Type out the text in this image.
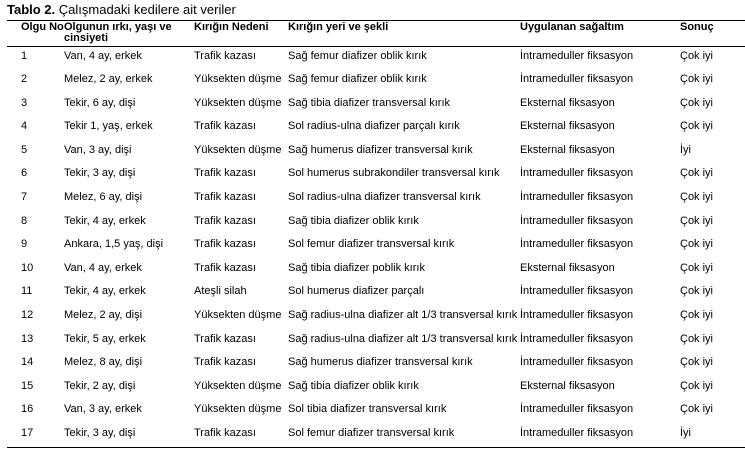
Tablo 2. Çalışmadaki kedilere ait veriler
Olgu No	Olgunun ırkı, yaşı ve cinsiyeti	Kırığın Nedeni	Kırığın yeri ve şekli	Uygulanan sağaltım	Sonuç
1	Van, 4 ay, erkek	Trafik kazası	Sağ femur diafizer oblik kırık	İntrameduller fiksasyon	Çok iyi
2	Melez, 2 ay, erkek	Yüksekten düşme	Sağ femur diafizer oblik kırık	İntrameduller fiksasyon	Çok iyi
3	Tekir, 6 ay, dişi	Yüksekten düşme	Sağ tibia diafizer transversal kırık	Eksternal fiksasyon	Çok iyi
4	Tekir 1, yaş, erkek	Trafik kazası	Sol radius-ulna diafizer parçalı kırık	Eksternal fiksasyon	Çok iyi
5	Van, 3 ay, dişi	Yüksekten düşme	Sağ humerus diafizer transversal kırık	Eksternal fiksasyon	İyi
6	Tekir, 3 ay, dişi	Trafik kazası	Sol humerus subrakondiler transversal kırık	İntrameduller fiksasyon	Çok iyi
7	Melez, 6 ay, dişi	Trafik kazası	Sol radius-ulna diafizer transversal kırık	İntrameduller fiksasyon	Çok iyi
8	Tekir, 4 ay, erkek	Trafik kazası	Sağ tibia diafizer oblik kırık	İntrameduller fiksasyon	Çok iyi
9	Ankara, 1,5 yaş, dişi	Trafik kazası	Sol femur diafizer transversal kırık	İntrameduller fiksasyon	Çok iyi
10	Van, 4 ay, erkek	Trafik kazası	Sağ tibia diafizer poblik kırık	Eksternal fiksasyon	Çok iyi
11	Tekir, 4 ay, erkek	Ateşli silah	Sol humerus diafizer parçalı	İntrameduller fiksasyon	Çok iyi
12	Melez, 2 ay, dişi	Yüksekten düşme	Sağ radius-ulna diafizer alt 1/3 transversal kırık	İntrameduller fiksasyon	Çok iyi
13	Tekir, 5 ay, erkek	Trafik kazası	Sağ radius-ulna diafizer alt 1/3 transversal kırık	İntrameduller fiksasyon	Çok iyi
14	Melez, 8 ay, dişi	Trafik kazası	Sağ humerus diafizer transversal kırık	İntrameduller fiksasyon	Çok iyi
15	Tekir, 2 ay, dişi	Yüksekten düşme	Sağ tibia diafizer oblik kırık	Eksternal fiksasyon	Çok iyi
16	Van, 3 ay, erkek	Yüksekten düşme	Sol tibia diafizer transversal kırık	İntrameduller fiksasyon	Çok iyi
17	Tekir, 3 ay, dişi	Trafik kazası	Sol femur diafizer transversal kırık	İntrameduller fiksasyon	İyi
